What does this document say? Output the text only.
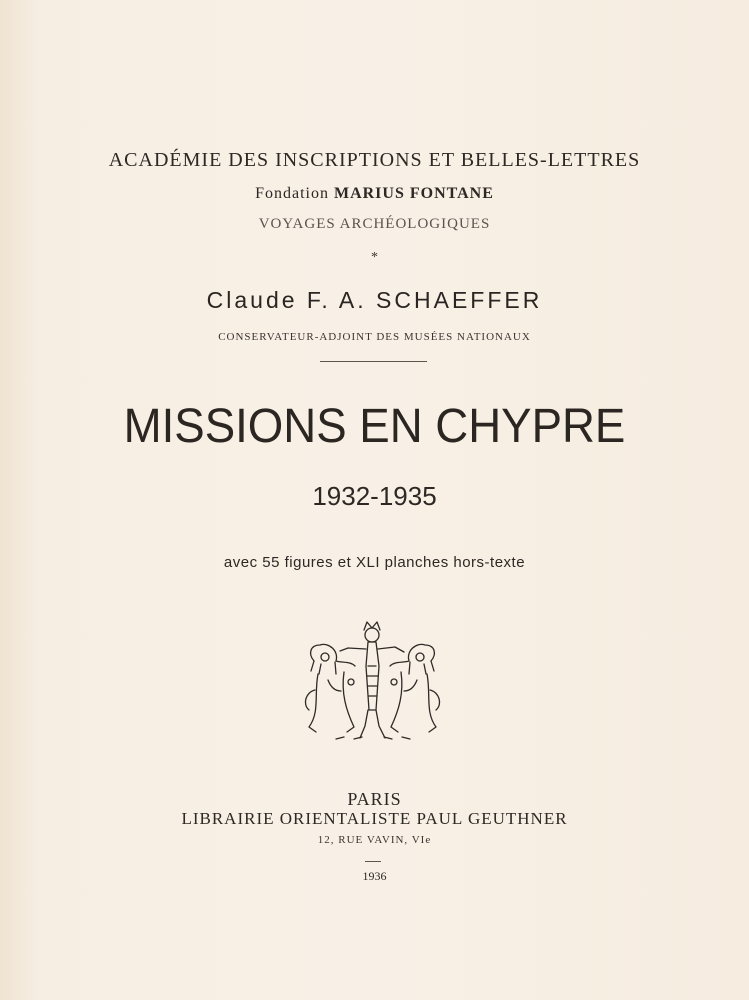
ACADÉMIE DES INSCRIPTIONS ET BELLES-LETTRES
Fondation MARIUS FONTANE
VOYAGES ARCHÉOLOGIQUES
*
Claude F. A. SCHAEFFER
CONSERVATEUR-ADJOINT DES MUSÉES NATIONAUX
MISSIONS EN CHYPRE
1932-1935
avec 55 figures et XLI planches hors-texte
PARIS
LIBRAIRIE ORIENTALISTE PAUL GEUTHNER
12, RUE VAVIN, VIe
1936
